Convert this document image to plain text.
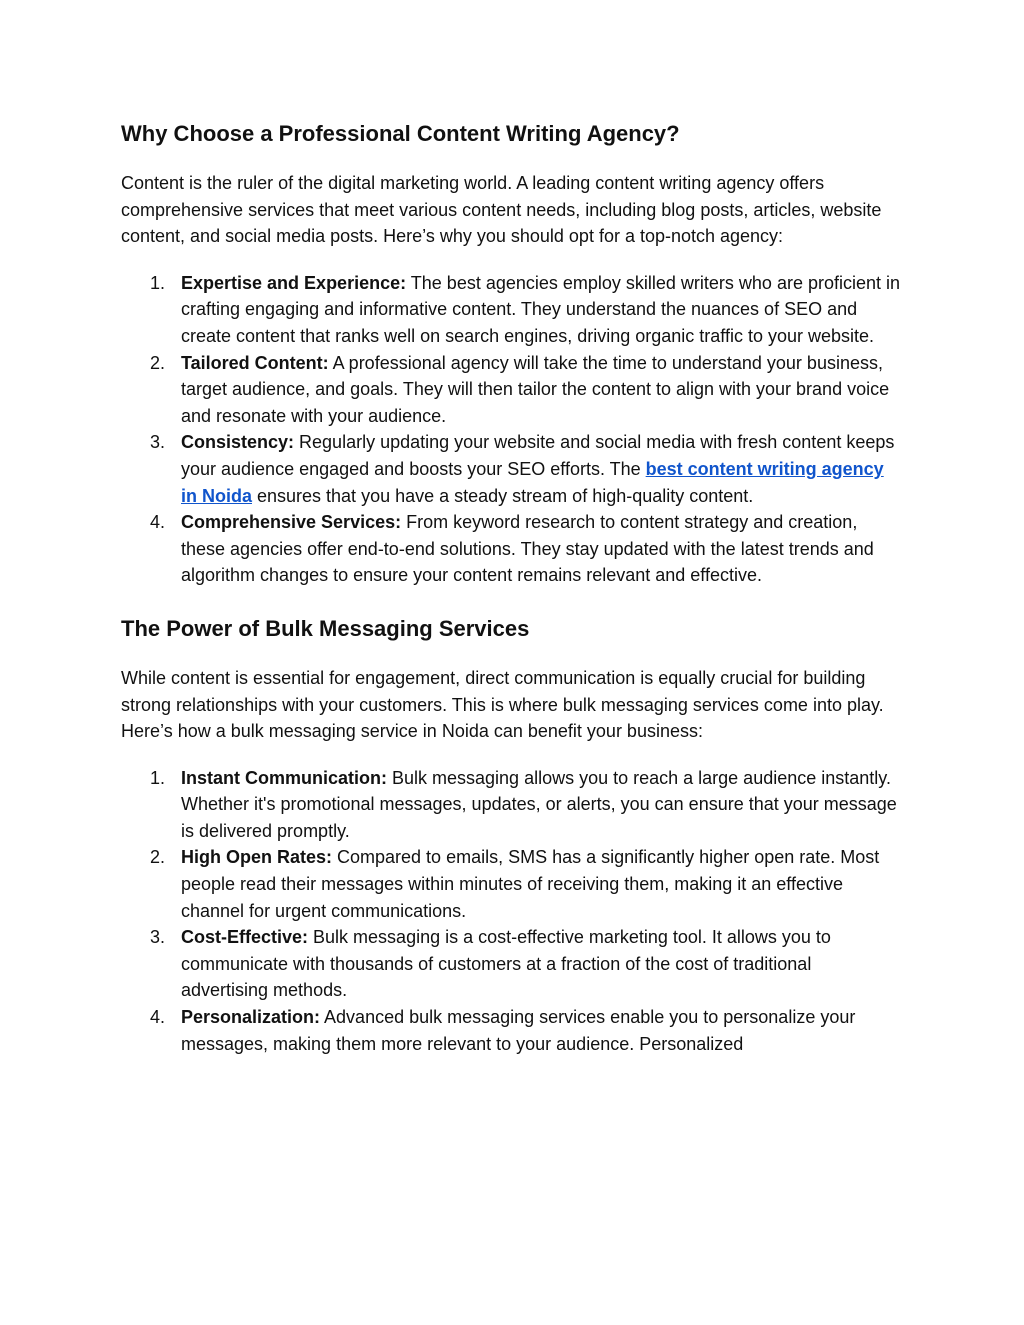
Why Choose a Professional Content Writing Agency?

Content is the ruler of the digital marketing world. A leading content writing agency offers comprehensive services that meet various content needs, including blog posts, articles, website content, and social media posts. Here’s why you should opt for a top-notch agency:

1. Expertise and Experience: The best agencies employ skilled writers who are proficient in crafting engaging and informative content. They understand the nuances of SEO and create content that ranks well on search engines, driving organic traffic to your website.
2. Tailored Content: A professional agency will take the time to understand your business, target audience, and goals. They will then tailor the content to align with your brand voice and resonate with your audience.
3. Consistency: Regularly updating your website and social media with fresh content keeps your audience engaged and boosts your SEO efforts. The best content writing agency in Noida ensures that you have a steady stream of high-quality content.
4. Comprehensive Services: From keyword research to content strategy and creation, these agencies offer end-to-end solutions. They stay updated with the latest trends and algorithm changes to ensure your content remains relevant and effective.
The Power of Bulk Messaging Services

While content is essential for engagement, direct communication is equally crucial for building strong relationships with your customers. This is where bulk messaging services come into play. Here’s how a bulk messaging service in Noida can benefit your business:

1. Instant Communication: Bulk messaging allows you to reach a large audience instantly. Whether it's promotional messages, updates, or alerts, you can ensure that your message is delivered promptly.
2. High Open Rates: Compared to emails, SMS has a significantly higher open rate. Most people read their messages within minutes of receiving them, making it an effective channel for urgent communications.
3. Cost-Effective: Bulk messaging is a cost-effective marketing tool. It allows you to communicate with thousands of customers at a fraction of the cost of traditional advertising methods.
4. Personalization: Advanced bulk messaging services enable you to personalize your messages, making them more relevant to your audience. Personalized
